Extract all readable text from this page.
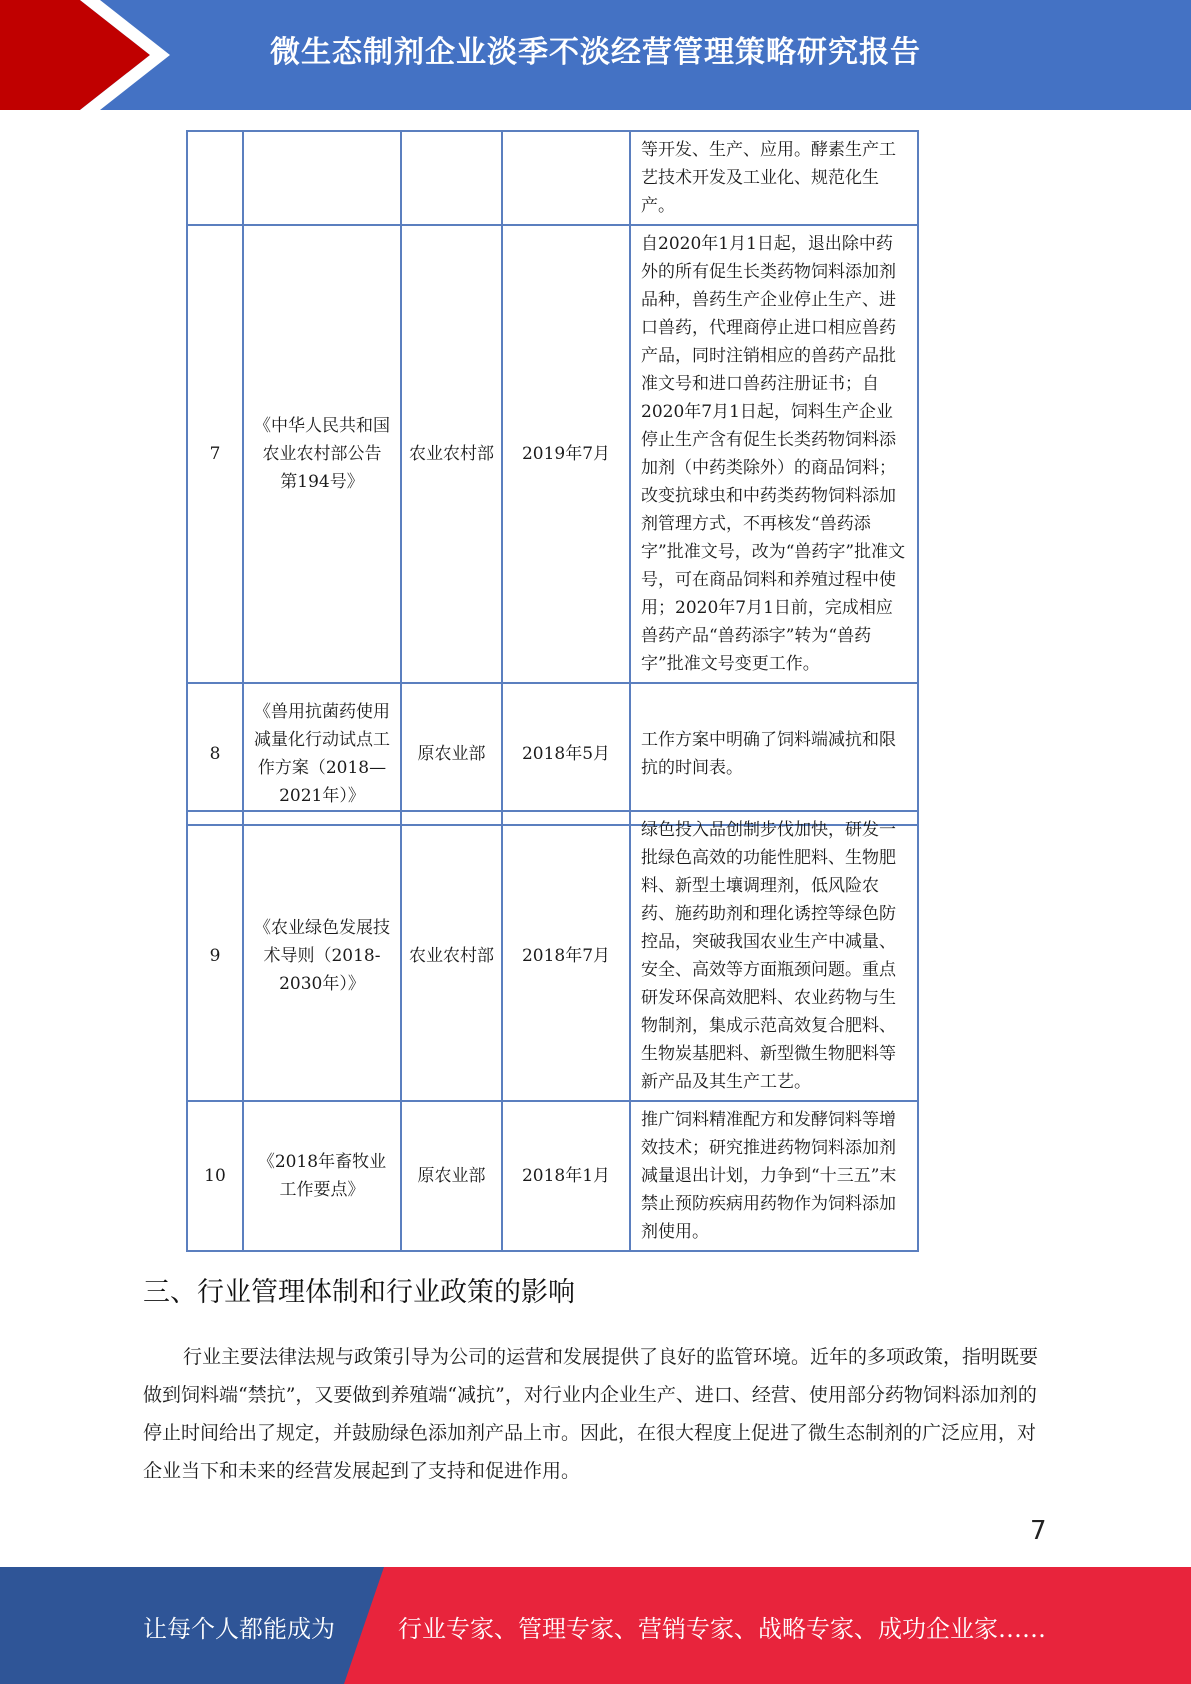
微生态制剂企业淡季不淡经营管理策略研究报告
				等开发、生产、应用。酵素生产工艺技术开发及工业化、规范化生产。
7	《中华人民共和国农业农村部公告 第194号》	农业农村部	2019年7月	自2020年1月1日起，退出除中药外的所有促生长类药物饲料添加剂品种，兽药生产企业停止生产、进口兽药，代理商停止进口相应兽药产品，同时注销相应的兽药产品批准文号和进口兽药注册证书；自2020年7月1日起，饲料生产企业停止生产含有促生长类药物饲料添加剂（中药类除外）的商品饲料；改变抗球虫和中药类药物饲料添加剂管理方式，不再核发“兽药添字”批准文号，改为“兽药字”批准文号，可在商品饲料和养殖过程中使用；2020年7月1日前，完成相应兽药产品“兽药添字”转为“兽药字”批准文号变更工作。
8	《兽用抗菌药使用减量化行动试点工作方案（2018—2021年）》	原农业部	2018年5月	工作方案中明确了饲料端减抗和限抗的时间表。
9	《农业绿色发展技术导则（2018-2030年）》	农业农村部	2018年7月	绿色投入品创制步伐加快，研发一批绿色高效的功能性肥料、生物肥料、新型土壤调理剂，低风险农药、施药助剂和理化诱控等绿色防控品，突破我国农业生产中减量、安全、高效等方面瓶颈问题。重点研发环保高效肥料、农业药物与生物制剂，集成示范高效复合肥料、生物炭基肥料、新型微生物肥料等新产品及其生产工艺。
10	《2018年畜牧业工作要点》	原农业部	2018年1月	推广饲料精准配方和发酵饲料等增效技术；研究推进药物饲料添加剂减量退出计划，力争到“十三五”末禁止预防疾病用药物作为饲料添加剂使用。
三、行业管理体制和行业政策的影响
行业主要法律法规与政策引导为公司的运营和发展提供了良好的监管环境。近年的多项政策，指明既要做到饲料端“禁抗”，又要做到养殖端“减抗”，对行业内企业生产、进口、经营、使用部分药物饲料添加剂的停止时间给出了规定，并鼓励绿色添加剂产品上市。因此，在很大程度上促进了微生态制剂的广泛应用，对企业当下和未来的经营发展起到了支持和促进作用。
7
让每个人都能成为	行业专家、管理专家、营销专家、战略专家、成功企业家……
